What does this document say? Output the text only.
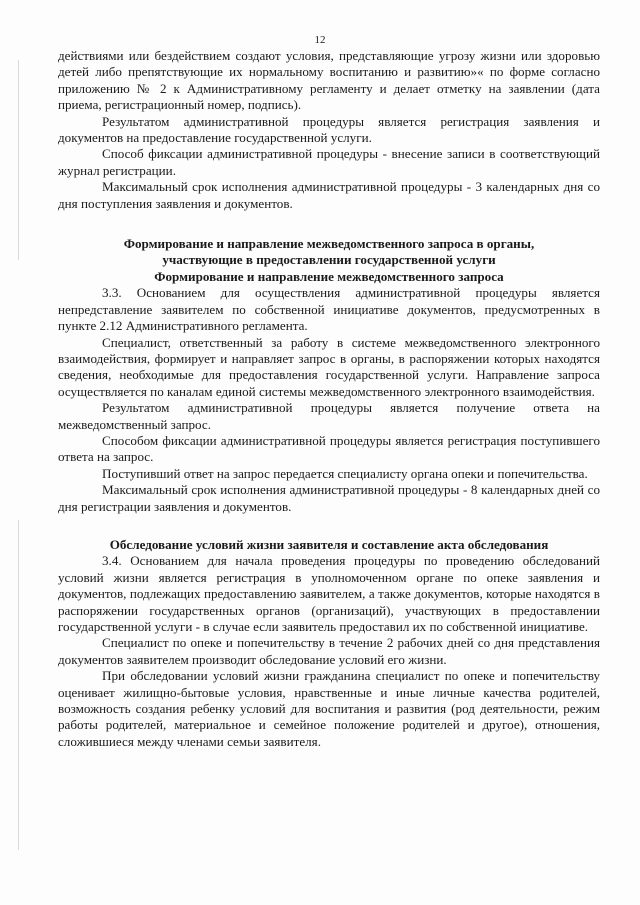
12

действиями или бездействием создают условия, представляющие угрозу жизни или здоровью детей либо препятствующие их нормальному воспитанию и развитию»« по форме согласно приложению № 2 к Административному регламенту и делает отметку на заявлении (дата приема, регистрационный номер, подпись).

Результатом административной процедуры является регистрация заявления и документов на предоставление государственной услуги.

Способ фиксации административной процедуры - внесение записи в соответствующий журнал регистрации.

Максимальный срок исполнения административной процедуры - 3 календарных дня со дня поступления заявления и документов.

Формирование и направление межведомственного запроса в органы,

участвующие в предоставлении государственной услуги

Формирование и направление межведомственного запроса

3.3. Основанием для осуществления административной процедуры является непредставление заявителем по собственной инициативе документов, предусмотренных в пункте 2.12 Административного регламента.

Специалист, ответственный за работу в системе межведомственного электронного взаимодействия, формирует и направляет запрос в органы, в распоряжении которых находятся сведения, необходимые для предоставления государственной услуги. Направление запроса осуществляется по каналам единой системы межведомственного электронного взаимодействия.

Результатом административной процедуры является получение ответа на межведомственный запрос.

Способом фиксации административной процедуры является регистрация поступившего ответа на запрос.

Поступивший ответ на запрос передается специалисту органа опеки и попечительства.

Максимальный срок исполнения административной процедуры - 8 календарных дней со дня регистрации заявления и документов.

Обследование условий жизни заявителя и составление акта обследования

3.4. Основанием для начала проведения процедуры по проведению обследований условий жизни является регистрация в уполномоченном органе по опеке заявления и документов, подлежащих предоставлению заявителем, а также документов, которые находятся в распоряжении государственных органов (организаций), участвующих в предоставлении государственной услуги - в случае если заявитель предоставил их по собственной инициативе.

Специалист по опеке и попечительству в течение 2 рабочих дней со дня представления документов заявителем производит обследование условий его жизни.

При обследовании условий жизни гражданина специалист по опеке и попечительству оценивает жилищно-бытовые условия, нравственные и иные личные качества родителей, возможность создания ребенку условий для воспитания и развития (род деятельности, режим работы родителей, материальное и семейное положение родителей и другое), отношения, сложившиеся между членами семьи заявителя.
